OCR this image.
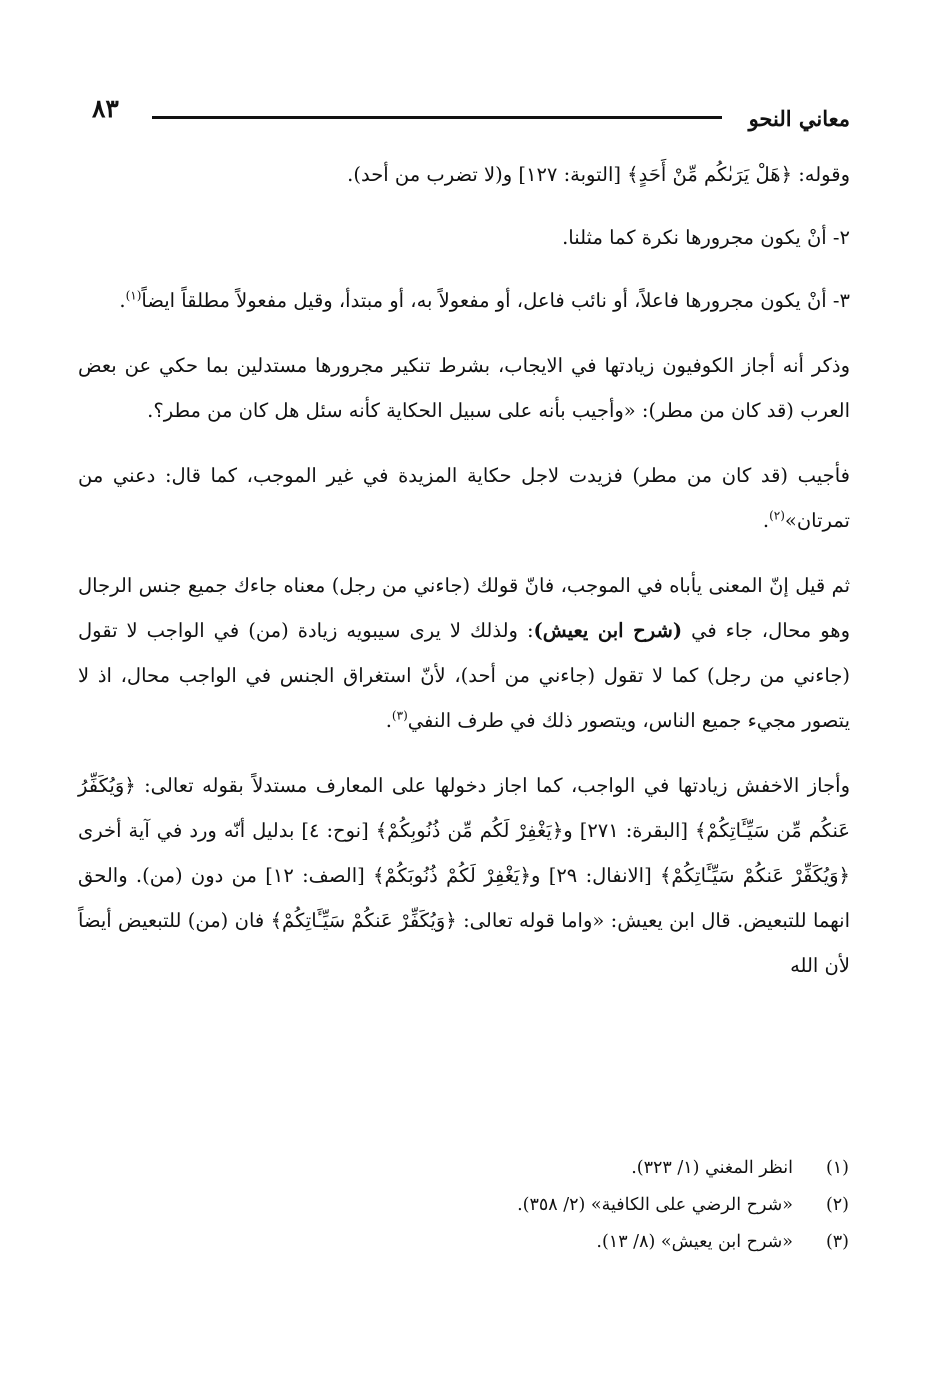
٨٣	معاني النحو

وقوله: ﴿هَلْ يَرَىٰكُم مِّنْ أَحَدٍ﴾ [التوبة: ١٢٧] و(لا تضرب من أحد).

٢- أنْ يكون مجرورها نكرة كما مثلنا.

٣- أنْ يكون مجرورها فاعلاً، أو نائب فاعل، أو مفعولاً به، أو مبتدأ، وقيل مفعولاً مطلقاً ايضاً$^{(١)}$.

وذكر أنه أجاز الكوفيون زيادتها في الايجاب، بشرط تنكير مجرورها مستدلين بما حكي عن بعض العرب (قد كان من مطر): «وأجيب بأنه على سبيل الحكاية كأنه سئل هل كان من مطر؟.

فأجيب (قد كان من مطر) فزيدت لاجل حكاية المزيدة في غير الموجب، كما قال: دعني من تمرتان»$^{(٢)}$.

ثم قيل إنّ المعنى يأباه في الموجب، فانّ قولك (جاءني من رجل) معناه جاءك جميع جنس الرجال وهو محال، جاء في (شرح ابن يعيش): ولذلك لا يرى سيبويه زيادة (من) في الواجب لا تقول (جاءني من رجل) كما لا تقول (جاءني من أحد)، لأنّ استغراق الجنس في الواجب محال، اذ لا يتصور مجيء جميع الناس، ويتصور ذلك في طرف النفي$^{(٣)}$.

وأجاز الاخفش زيادتها في الواجب، كما اجاز دخولها على المعارف مستدلاً بقوله تعالى: ﴿وَيُكَفِّرُ عَنكُم مِّن سَيِّـَٔاتِكُمْ﴾ [البقرة: ٢٧١] و﴿يَغْفِرْ لَكُم مِّن ذُنُوبِكُمْ﴾ [نوح: ٤] بدليل أنّه ورد في آية أخرى ﴿وَيُكَفِّرْ عَنكُمْ سَيِّـَٔاتِكُمْ﴾ [الانفال: ٢٩] و﴿يَغْفِرْ لَكُمْ ذُنُوبَكُمْ﴾ [الصف: ١٢] من دون (من). والحق انهما للتبعيض. قال ابن يعيش: «واما قوله تعالى: ﴿وَيُكَفِّرْ عَنكُمْ سَيِّـَٔاتِكُمْ﴾ فان (من) للتبعيض أيضاً لأن الله

(١)
انظر المغني (١/ ٣٢٣).
(٢)
«شرح الرضي على الكافية» (٢/ ٣٥٨).
(٣)
«شرح ابن يعيش» (٨/ ١٣).
